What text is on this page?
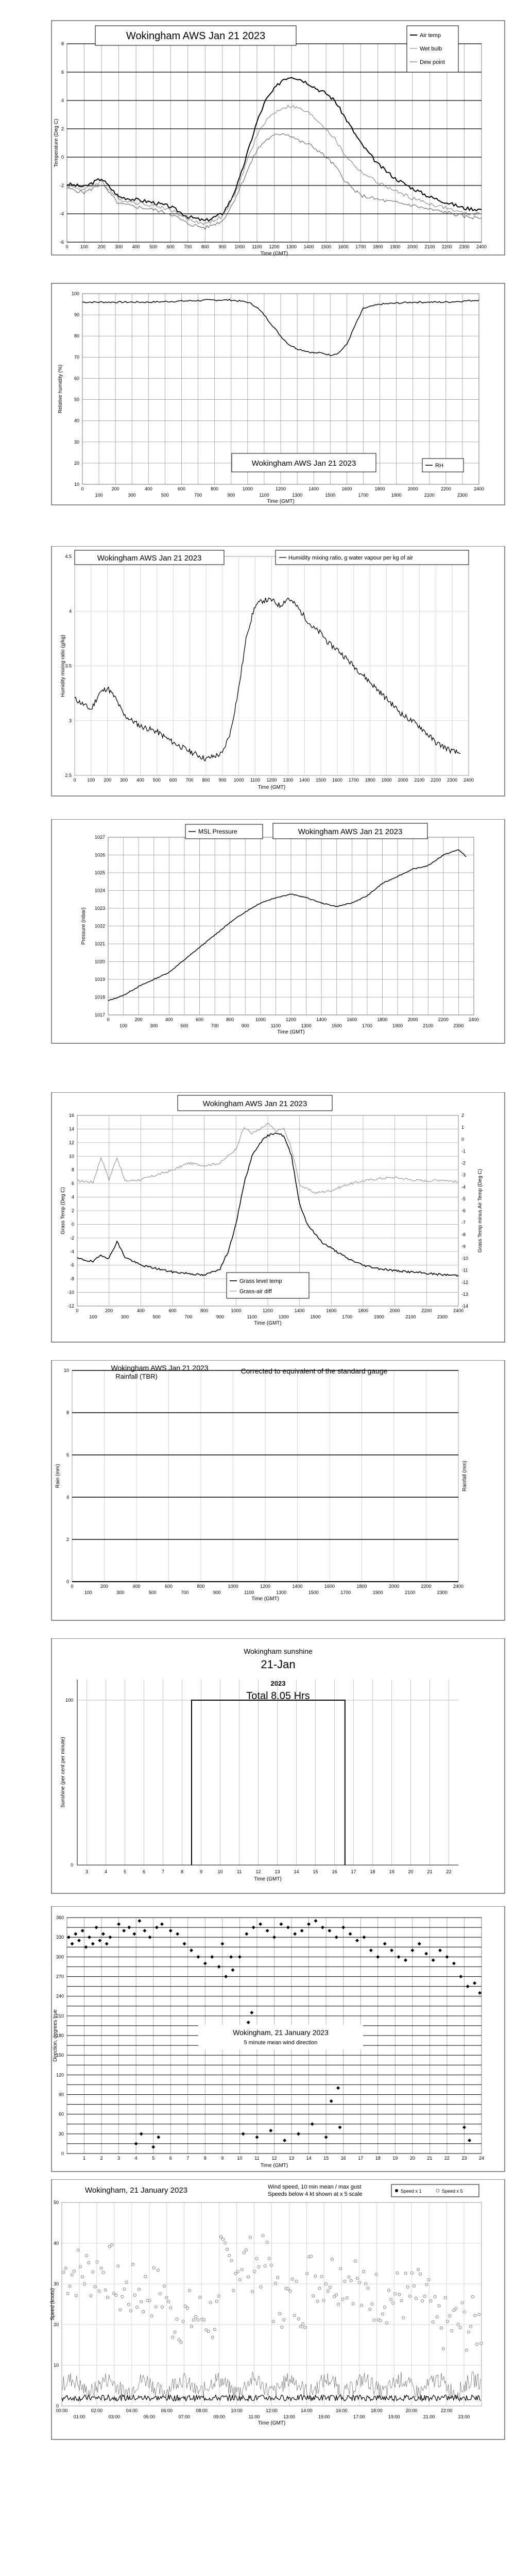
-6
-4
-2
0
2
4
6
8
0	100 200 300 400 500 600 700 800 900 1000 1100 1200 1300 1400 1500 1600 1700 1800 1900 2000 2100 2200 2300 2400
Time (GMT)
Temperature (Deg C)
Wokingham AWS Jan 21 2023	Air temp
Wet bulb
Dew point
10
20
30
40
50
60
70
80
90
100
0	200	400	600	800	1000	1200	1400	1600	1800	2000	2200	2400
100	300	500	700	900	1100	1300	1500	1700	1900	2100	2300
Time (GMT)
Relative humidity (%)
Wokingham AWS Jan 21 2023	RH
2.5
3
3.5
4
4.5
0 100 200 300 400 500 600 700 800 900 1000 1100 1200 1300 1400 1500 1600 1700 1800 1900 2000 2100 2200 2300 2400
Time (GMT)
Humidity mixing ratio (g/kg)
Wokingham AWS Jan 21 2023	Humidity mixing ratio, g water vapour per kg of air
1017
1018
1019
1020
1021
1022
1023
1024
1025
1026
1027
0	200	400	600	800	1000	1200	1400	1600	1800	2000	2200	2400
100	300	500	700	900	1100	1300	1500	1700	1900	2100	2300
Time (GMT)
Pressure (mbar)
MSL Pressure	Wokingham AWS Jan 21 2023
-12
-10
-8
-6
-4
-2
0
2
4
6
8
10
12
14
16
-14
-13
-12
-11
-10
-9
-8
-7
-6
-5
-4
-3
-2
-1
0
1
2
0	200	400	600	800	1000	1200	1400	1600	1800	2000	2200	2400
100	300	500	700	900	1100	1300	1500	1700	1900	2100	2300
Time (GMT)
Grass Temp (Deg C)	Grass Temp minus Air Temp (Deg C)
Wokingham AWS Jan 21 2023
Grass level temp
Grass-air diff
0
2
4
6
8
10
0	200	400	600	800	1000	1200	1400	1600	1800	2000	2200	2400
100	300	500	700	900	1100	1300	1500	1700	1900	2100	2300
Time (GMT)
Rain (mm)	Rainfall (mm)
Wokingham AWS Jan 21 2023
Rainfall (TBR)
Corrected to equivalent of the standard gauge
0
100
3	4	5	6	7	8	9	10	11	12	13	14	15	16	17	18	19	20	21	22
Time (GMT)
Sunshine (per cent per minute)
Wokingham sunshine
21-Jan
2023
Total 8.05 Hrs
0
30
60
90
120
150
180
210
240
270
300
330
360
1	2	3	4	5	6	7	8	9	10	11	12	13	14	15	16	17	18	19	20	21	22	23	24
Time (GMT)
Direction, degrees true	Wokingham, 21 January 2023
5 minute mean wind direction
0
10
20
30
40
50
00:00	02:00	04:00	06:00	08:00	10:00	12:00	14:00	16:00	18:00	20:00	22:00
01:00	03:00	05:00	07:00	09:00	11:00	13:00	15:00	17:00	19:00	21:00	23:00
Time (GMT)
Speed (knots)
Wokingham, 21 January 2023	Wind speed, 10 min mean / max gust
Speeds below 4 kt shown at x 5 scale	Speed x 1	Speed x 5
